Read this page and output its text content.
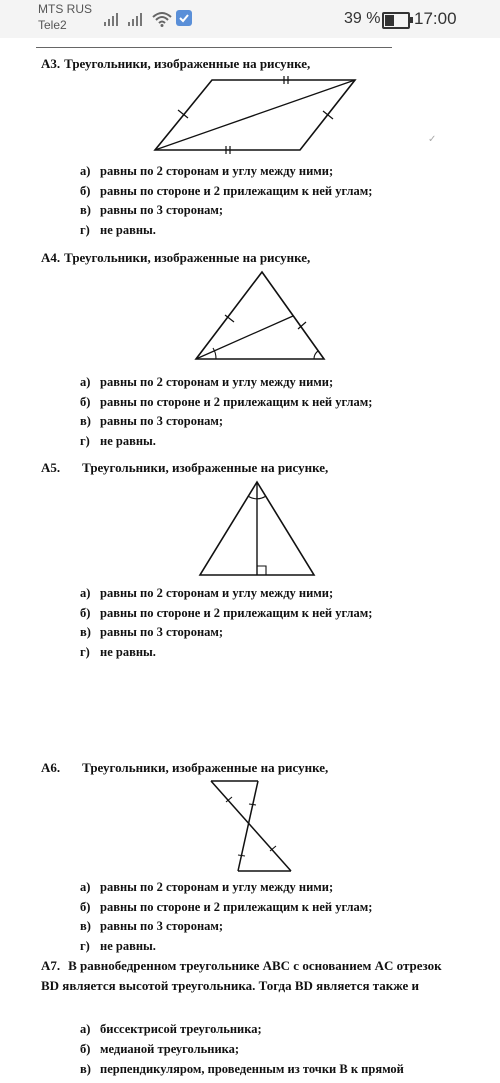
MTS RUS
Tele2	39 % 17:00
✓
А3. Треугольники, изображенные на рисунке,
а) равны по 2 сторонам и углу между ними;
б) равны по стороне и 2 прилежащим к ней углам;
в) равны по 3 сторонам;
г) не равны.
А4. Треугольники, изображенные на рисунке,
а) равны по 2 сторонам и углу между ними;
б) равны по стороне и 2 прилежащим к ней углам;
в) равны по 3 сторонам;
г) не равны.
А5. Треугольники, изображенные на рисунке,
а) равны по 2 сторонам и углу между ними;
б) равны по стороне и 2 прилежащим к ней углам;
в) равны по 3 сторонам;
г) не равны.
А6. Треугольники, изображенные на рисунке,
а) равны по 2 сторонам и углу между ними;
б) равны по стороне и 2 прилежащим к ней углам;
в) равны по 3 сторонам;
г) не равны.
А7. В равнобедренном треугольнике ABC с основанием AC отрезок BD является высотой треугольника. Тогда BD является также и
а) биссектрисой треугольника;
б) медианой треугольника;
в) перпендикуляром, проведенным из точки B к прямой
